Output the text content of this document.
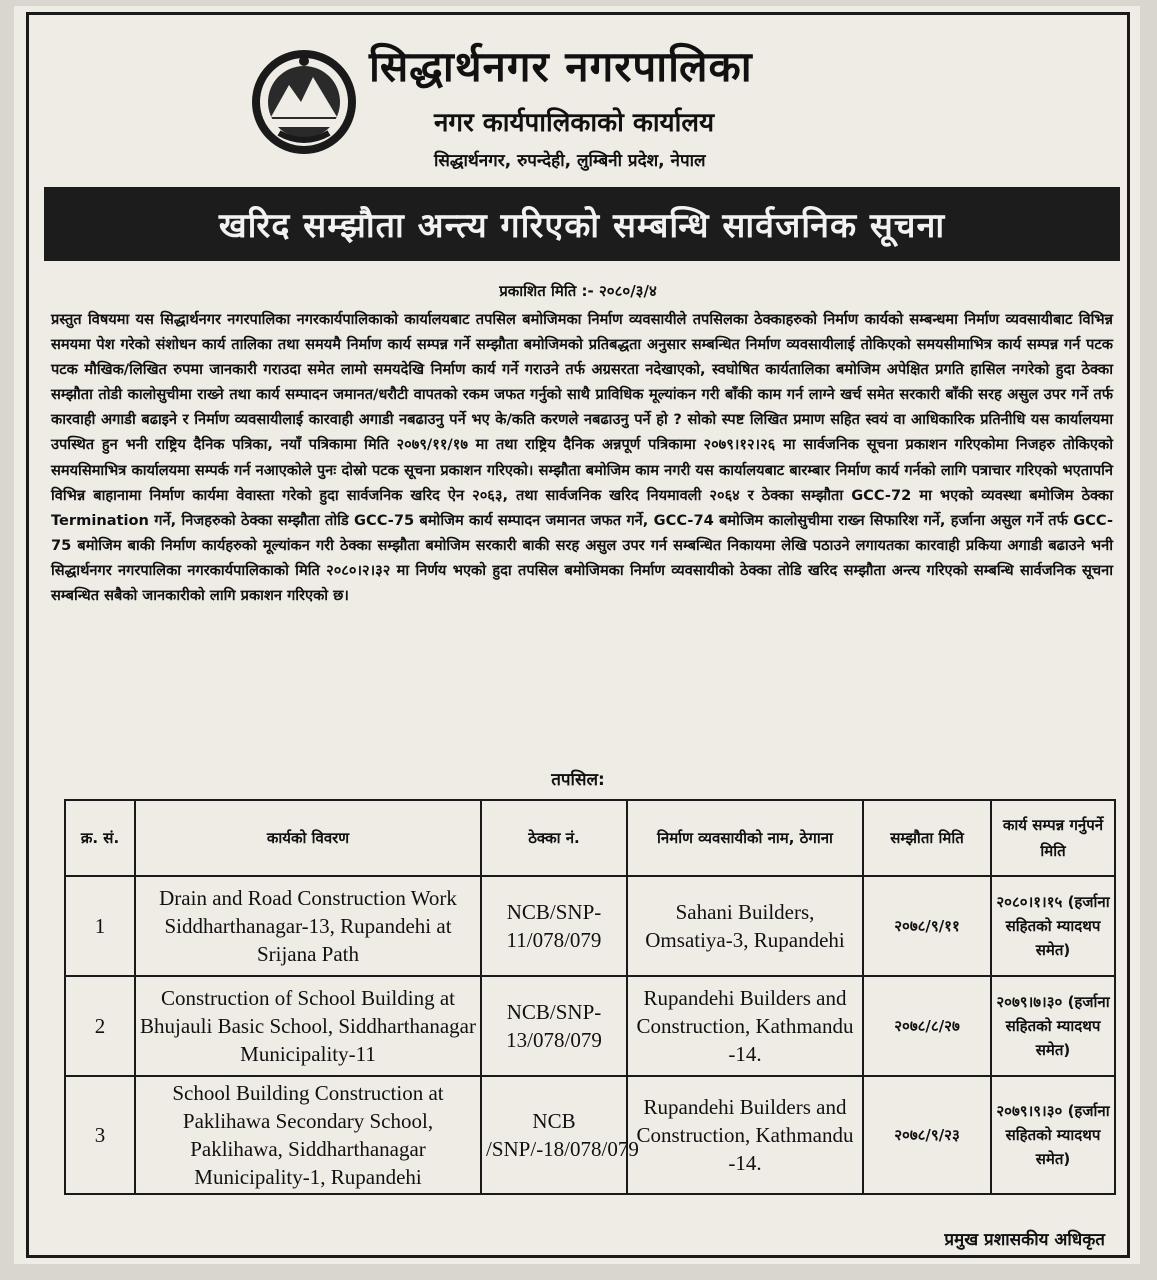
सिद्धार्थनगर नगरपालिका
नगर कार्यपालिकाको कार्यालय
सिद्धार्थनगर, रुपन्देही, लुम्बिनी प्रदेश, नेपाल
खरिद सम्झौता अन्त्य गरिएको सम्बन्धि सार्वजनिक सूचना
प्रकाशित मिति :- २०८०/३/४
प्रस्तुत विषयमा यस सिद्धार्थनगर नगरपालिका नगरकार्यपालिकाको कार्यालयबाट तपसिल बमोजिमका निर्माण व्यवसायीले तपसिलका ठेक्काहरुको निर्माण कार्यको सम्बन्धमा निर्माण व्यवसायीबाट विभिन्न समयमा पेश गरेको संशोधन कार्य तालिका तथा समयमै निर्माण कार्य सम्पन्न गर्ने सम्झौता बमोजिमको प्रतिबद्धता अनुसार सम्बन्धित निर्माण व्यवसायीलाई तोकिएको समयसीमाभित्र कार्य सम्पन्न गर्न पटक पटक मौखिक/लिखित रुपमा जानकारी गराउदा समेत लामो समयदेखि निर्माण कार्य गर्ने गराउने तर्फ अग्रसरता नदेखाएको, स्वघोषित कार्यतालिका बमोजिम अपेक्षित प्रगति हासिल नगरेको हुदा ठेक्का सम्झौता तोडी कालोसुचीमा राख्ने तथा कार्य सम्पादन जमानत/धरौटी वापतको रकम जफत गर्नुको साथै प्राविधिक मूल्यांकन गरी बाँकी काम गर्न लाग्ने खर्च समेत सरकारी बाँकी सरह असुल उपर गर्ने तर्फ कारवाही अगाडी बढाइने र निर्माण व्यवसायीलाई कारवाही अगाडी नबढाउनु पर्ने भए के/कति करणले नबढाउनु पर्ने हो ? सोको स्पष्ट लिखित प्रमाण सहित स्वयं वा आधिकारिक प्रतिनीधि यस कार्यालयमा उपस्थित हुन भनी राष्ट्रिय दैनिक पत्रिका, नयाँ पत्रिकामा मिति २०७९/११/१७ मा तथा राष्ट्रिय दैनिक अन्नपूर्ण पत्रिकामा २०७९।१२।२६ मा सार्वजनिक सूचना प्रकाशन गरिएकोमा निजहरु तोकिएको समयसिमाभित्र कार्यालयमा सम्पर्क गर्न नआएकोले पुनः दोस्रो पटक सूचना प्रकाशन गरिएको। सम्झौता बमोजिम काम नगरी यस कार्यालयबाट बारम्बार निर्माण कार्य गर्नको लागि पत्राचार गरिएको भएतापनि विभिन्न बाहानामा निर्माण कार्यमा वेवास्ता गरेको हुदा सार्वजनिक खरिद ऐन २०६३, तथा सार्वजनिक खरिद नियमावली २०६४ र ठेक्का सम्झौता GCC-72 मा भएको व्यवस्था बमोजिम ठेक्का Termination गर्ने, निजहरुको ठेक्का सम्झौता तोडि GCC-75 बमोजिम कार्य सम्पादन जमानत जफत गर्ने, GCC-74 बमोजिम कालोसुचीमा राख्न सिफारिश गर्ने, हर्जाना असुल गर्ने तर्फ GCC-75 बमोजिम बाकी निर्माण कार्यहरुको मूल्यांकन गरी ठेक्का सम्झौता बमोजिम सरकारी बाकी सरह असुल उपर गर्न सम्बन्धित निकायमा लेखि पठाउने लगायतका कारवाही प्रकिया अगाडी बढाउने भनी सिद्धार्थनगर नगरपालिका नगरकार्यपालिकाको मिति २०८०।२।३२ मा निर्णय भएको हुदा तपसिल बमोजिमका निर्माण व्यवसायीको ठेक्का तोडि खरिद सम्झौता अन्त्य गरिएको सम्बन्धि सार्वजनिक सूचना सम्बन्धित सबैको जानकारीको लागि प्रकाशन गरिएको छ।
तपसिल:
क्र. सं.	कार्यको विवरण	ठेक्का नं.	निर्माण व्यवसायीको नाम, ठेगाना	सम्झौता मिति	कार्य सम्पन्न गर्नुपर्ने मिति
1	Drain and Road Construction Work Siddharthanagar-13, Rupandehi at Srijana Path	NCB/SNP-11/078/079	Sahani Builders, Omsatiya-3, Rupandehi	२०७८/९/११	२०८०।१।१५ (हर्जाना सहितको म्यादथप समेत)
2	Construction of School Building at Bhujauli Basic School, Siddharthanagar Municipality-11	NCB/SNP-13/078/079	Rupandehi Builders and Construction, Kathmandu -14.	२०७८/८/२७	२०७९।७।३० (हर्जाना सहितको म्यादथप समेत)
3	School Building Construction at Paklihawa Secondary School, Paklihawa, Siddharthanagar Municipality-1, Rupandehi	NCB /SNP/-18/078/079	Rupandehi Builders and Construction, Kathmandu -14.	२०७८/९/२३	२०७९।९।३० (हर्जाना सहितको म्यादथप समेत)
प्रमुख प्रशासकीय अधिकृत
